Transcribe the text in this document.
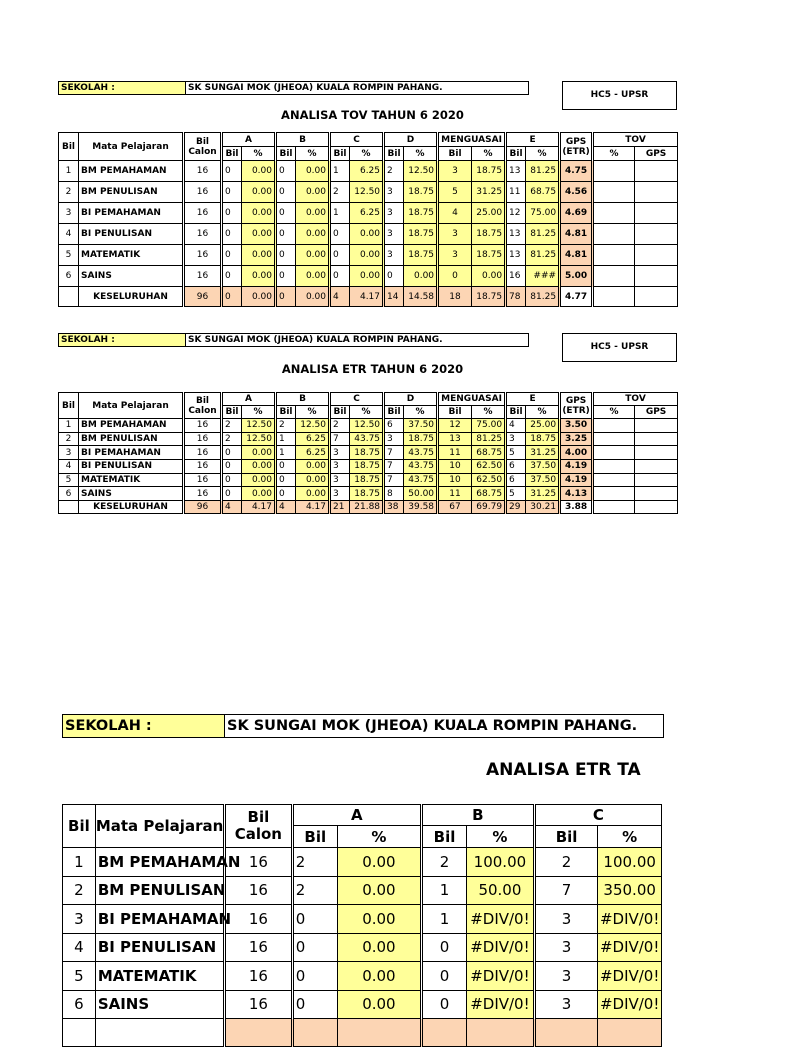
SEKOLAH :	SK SUNGAI MOK (JHEOA) KUALA ROMPIN PAHANG.
HC5 - UPSR
ANALISA TOV TAHUN 6 2020
Bil	Mata Pelajaran	Bil
Calon	A		B		C		D		MENGUASAI		E		GPS
(ETR)	TOV	
			Bil	%	Bil	%	Bil	%	Bil	%	Bil	%	Bil	%		%	GPS
1	BM PEMAHAMAN	16	0	0.00	0	0.00	1	6.25	2	12.50	3	18.75	13	81.25	4.75		
2	BM PENULISAN	16	0	0.00	0	0.00	2	12.50	3	18.75	5	31.25	11	68.75	4.56		
3	BI PEMAHAMAN	16	0	0.00	0	0.00	1	6.25	3	18.75	4	25.00	12	75.00	4.69		
4	BI PENULISAN	16	0	0.00	0	0.00	0	0.00	3	18.75	3	18.75	13	81.25	4.81		
5	MATEMATIK	16	0	0.00	0	0.00	0	0.00	3	18.75	3	18.75	13	81.25	4.81		
6	SAINS	16	0	0.00	0	0.00	0	0.00	0	0.00	0	0.00	16	###	5.00		
	KESELURUHAN	96	0	0.00	0	0.00	4	4.17	14	14.58	18	18.75	78	81.25	4.77		
SEKOLAH :	SK SUNGAI MOK (JHEOA) KUALA ROMPIN PAHANG.
HC5 - UPSR
ANALISA ETR TAHUN 6 2020
Bil	Mata Pelajaran	Bil
Calon	A		B		C		D		MENGUASAI		E		GPS
(ETR)	TOV	
			Bil	%	Bil	%	Bil	%	Bil	%	Bil	%	Bil	%		%	GPS
1	BM PEMAHAMAN	16	2	12.50	2	12.50	2	12.50	6	37.50	12	75.00	4	25.00	3.50		
2	BM PENULISAN	16	2	12.50	1	6.25	7	43.75	3	18.75	13	81.25	3	18.75	3.25		
3	BI PEMAHAMAN	16	0	0.00	1	6.25	3	18.75	7	43.75	11	68.75	5	31.25	4.00		
4	BI PENULISAN	16	0	0.00	0	0.00	3	18.75	7	43.75	10	62.50	6	37.50	4.19		
5	MATEMATIK	16	0	0.00	0	0.00	3	18.75	7	43.75	10	62.50	6	37.50	4.19		
6	SAINS	16	0	0.00	0	0.00	3	18.75	8	50.00	11	68.75	5	31.25	4.13		
	KESELURUHAN	96	4	4.17	4	4.17	21	21.88	38	39.58	67	69.79	29	30.21	3.88		
SEKOLAH :	SK SUNGAI MOK (JHEOA) KUALA ROMPIN PAHANG.
ANALISA ETR TA
Bil	Mata Pelajaran	Bil
Calon	A		B		C	
			Bil	%	Bil	%	Bil	%
1	BM PEMAHAMAN	16	2	0.00	2	100.00	2	100.00
2	BM PENULISAN	16	2	0.00	1	50.00	7	350.00
3	BI PEMAHAMAN	16	0	0.00	1	#DIV/0!	3	#DIV/0!
4	BI PENULISAN	16	0	0.00	0	#DIV/0!	3	#DIV/0!
5	MATEMATIK	16	0	0.00	0	#DIV/0!	3	#DIV/0!
6	SAINS	16	0	0.00	0	#DIV/0!	3	#DIV/0!
